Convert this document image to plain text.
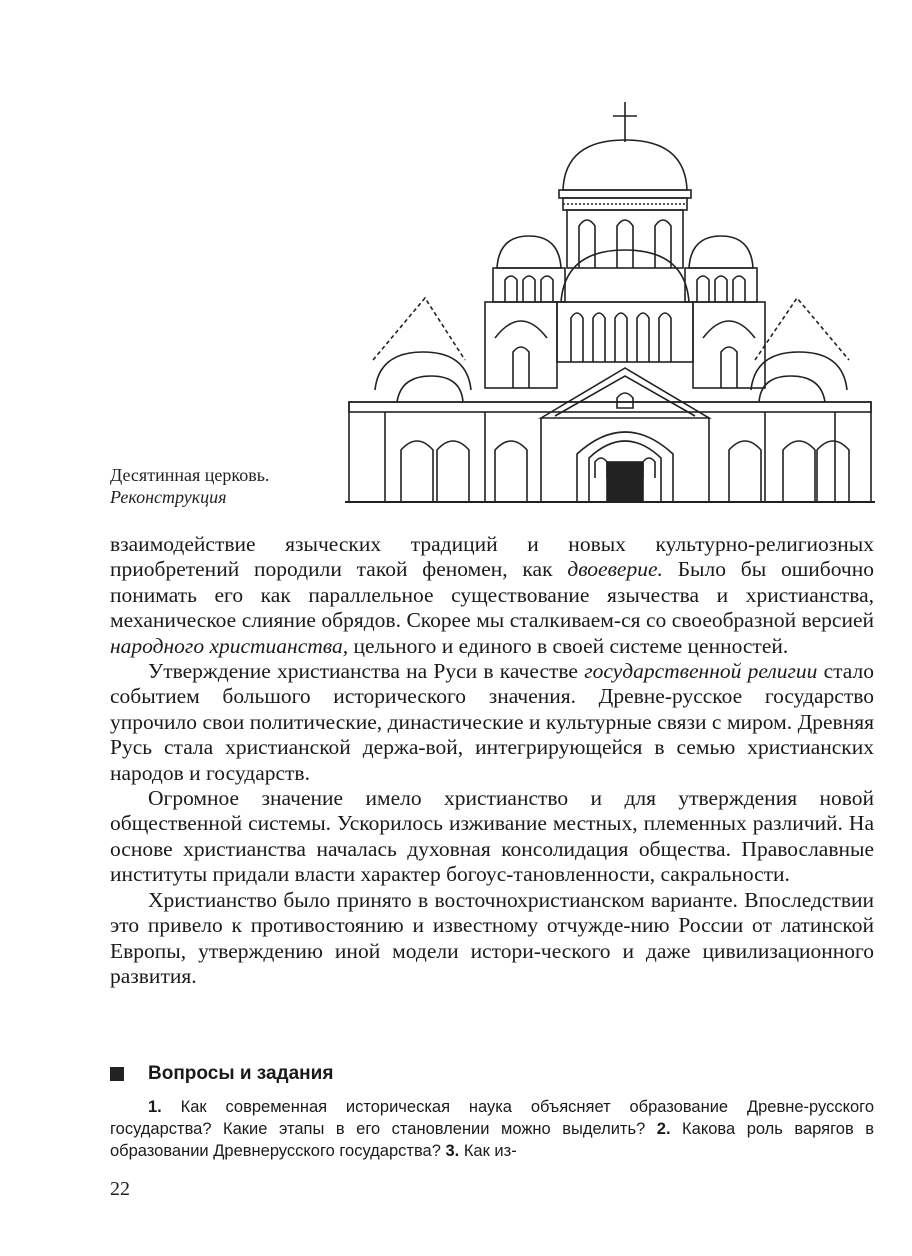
Десятинная церковь.

Реконструкция

взаимодействие языческих традиций и новых культурно-религиозных приобретений породили такой феномен, как двоеверие. Было бы ошибочно понимать его как параллельное существование язычества и христианства, механическое слияние обрядов. Скорее мы сталкиваем-ся со своеобразной версией народного христианства, цельного и единого в своей системе ценностей.

Утверждение христианства на Руси в качестве государственной религии стало событием большого исторического значения. Древне-русское государство упрочило свои политические, династические и культурные связи с миром. Древняя Русь стала христианской держа-вой, интегрирующейся в семью христианских народов и государств.

Огромное значение имело христианство и для утверждения новой общественной системы. Ускорилось изживание местных, племенных различий. На основе христианства началась духовная консолидация общества. Православные институты придали власти характер богоус-тановленности, сакральности.

Христианство было принято в восточнохристианском варианте. Впоследствии это привело к противостоянию и известному отчужде-нию России от латинской Европы, утверждению иной модели истори-ческого и даже цивилизационного развития.

Вопросы и задания

1. Как современная историческая наука объясняет образование Древне-русского государства? Какие этапы в его становлении можно выделить? 2. Какова роль варягов в образовании Древнерусского государства? 3. Как из-

22
